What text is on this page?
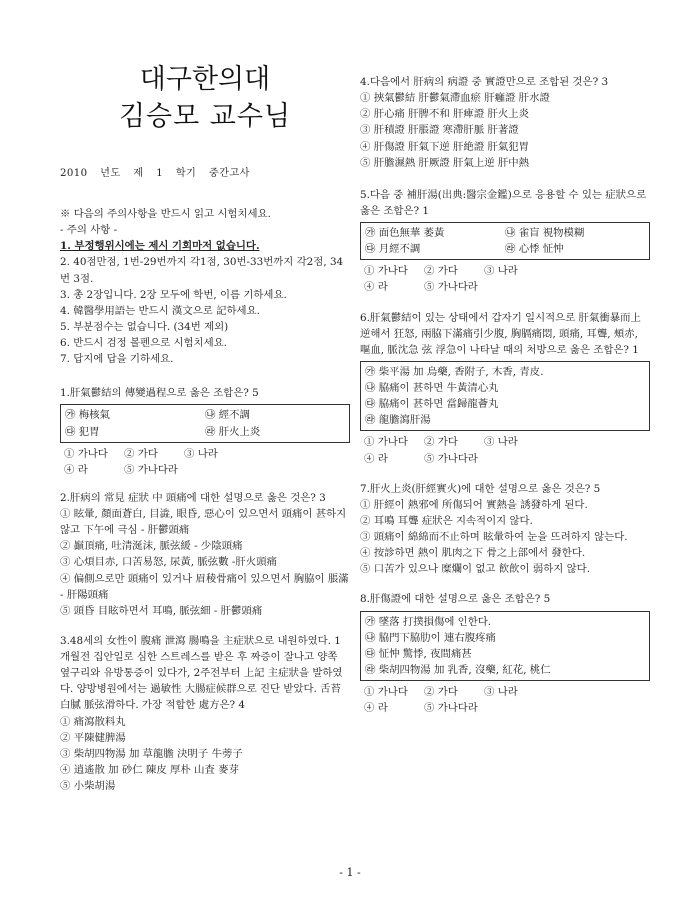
대구한의대
김승모 교수님
2010 년도 제 1 학기 중간고사

※ 다음의 주의사항을 반드시 읽고 시험치세요.

- 주의 사항 -

1. 부정행위시에는 제시 기회마저 없습니다.

2. 40점만점, 1번-29번까지 각1점, 30번-33번까지 각2점, 34번 3점.

3. 총 2장입니다. 2장 모두에 학번, 이름 기하세요.

4. 韓醫學用語는 반드시 漢文으로 記하세요.

5. 부분점수는 없습니다. (34번 제외)

6. 반드시 검정 볼펜으로 시험치세요.

7. 답지에 답을 기하세요.

1.肝氣鬱結의 傳變過程으로 옳은 조합은? 5

㉮ 梅核氣	㉯ 經不調
㉰ 犯胃	㉱ 肝火上炎
① 가나다 ② 가다	③ 나라
④ 라	⑤ 가나다라

2.肝病의 常見 症狀 中 頭痛에 대한 설명으로 옳은 것은? 3

① 眩暈, 顏面蒼白, 目澁, 眼昏, 惡心이 있으면서 頭痛이 甚하지 않고 下午에 극심 - 肝鬱頭痛

② 巓頂痛, 吐清涎沫, 脈弦緩 - 少陰頭痛

③ 心煩目赤, 口苦易怒, 尿黃, 脈弦數 -肝火頭痛

④ 偏側으로만 頭痛이 있거나 眉稜骨痛이 있으면서 胸脇이 脹滿 - 肝陽頭痛

⑤ 頭昏 目眩하면서 耳鳴, 脈弦細 - 肝鬱頭痛

3.48세의 女性이 腹痛 泄瀉 腸鳴을 主症狀으로 내원하였다. 1개월전 집안일로 심한 스트레스를 받은 후 짜증이 잘나고 양쪽 옆구리와 유방통증이 있다가, 2주전부터 上記 主症狀을 발하였다. 양방병원에서는 過敏性 大腸症候群으로 진단 받았다. 舌苔白膩 脈弦滑하다. 가장 적합한 處方은? 4

① 痛瀉散料丸

② 平陳健脾湯

③ 柴胡四物湯 加 草龍膽 決明子 牛蒡子

④ 逍遙散 加 砂仁 陳皮 厚朴 山査 麥芽

⑤ 小柴胡湯

4.다음에서 肝病의 病證 중 實證만으로 조합된 것은? 3

① 挾氣鬱結 肝鬱氣滯血瘀 肝癰證 肝水證

② 肝心痛 肝脾不和 肝痺證 肝火上炎

③ 肝積證 肝脹證 寒滯肝脈 肝著證

④ 肝傷證 肝氣下逆 肝絶證 肝氣犯胃

⑤ 肝膽濕熱 肝厥證 肝氣上逆 肝中熱

5.다음 중 補肝湯(出典:醫宗金鑑)으로 응용할 수 있는 症狀으로 옳은 조합은? 1

㉮ 面色無華 萎黃	㉯ 雀盲 視物模糊
㉰ 月經不調	㉱ 心悸 怔忡
① 가나다 ② 가다	③ 나라
④ 라	⑤ 가나다라

6.肝氣鬱結이 있는 상태에서 갑자기 일시적으로 肝氣衝暴而上逆해서 狂怒, 兩脇下滿痛引少腹, 胸膈痛悶, 頭痛, 耳聾, 頰赤, 嘔血, 脈沈急 弦 浮急이 나타날 때의 처방으로 옳은 조합은? 1

㉮ 柴平湯 加 烏藥, 香附子, 木香, 青皮.
㉯ 脇痛이 甚하면 牛黃清心丸
㉰ 脇痛이 甚하면 當歸龍薈丸
㉱ 龍膽瀉肝湯
① 가나다 ② 가다	③ 나라
④ 라	⑤ 가나다라

7.肝火上炎(肝經實火)에 대한 설명으로 옳은 것은? 5

① 肝經이 熱邪에 所傷되어 實熱을 誘發하게 된다.

② 耳鳴 耳聾 症狀은 지속적이지 않다.

③ 頭痛이 綿綿而不止하며 眩暈하여 눈을 뜨려하지 않는다.

④ 按診하면 熱이 肌肉之下 骨之上部에서 發한다.

⑤ 口苦가 있으나 糜爛이 없고 飮飮이 弱하지 않다.

8.肝傷證에 대한 설명으로 옳은 조합은? 5

㉮ 墜落 打撲損傷에 인한다.
㉯ 脇門下脇肋이 連右腹疼痛
㉰ 怔忡 驚悸, 夜間痛甚
㉱ 柴胡四物湯 加 乳香, 沒藥, 紅花, 桃仁
① 가나다 ② 가다	③ 나라
④ 라	⑤ 가나다라
- 1 -
